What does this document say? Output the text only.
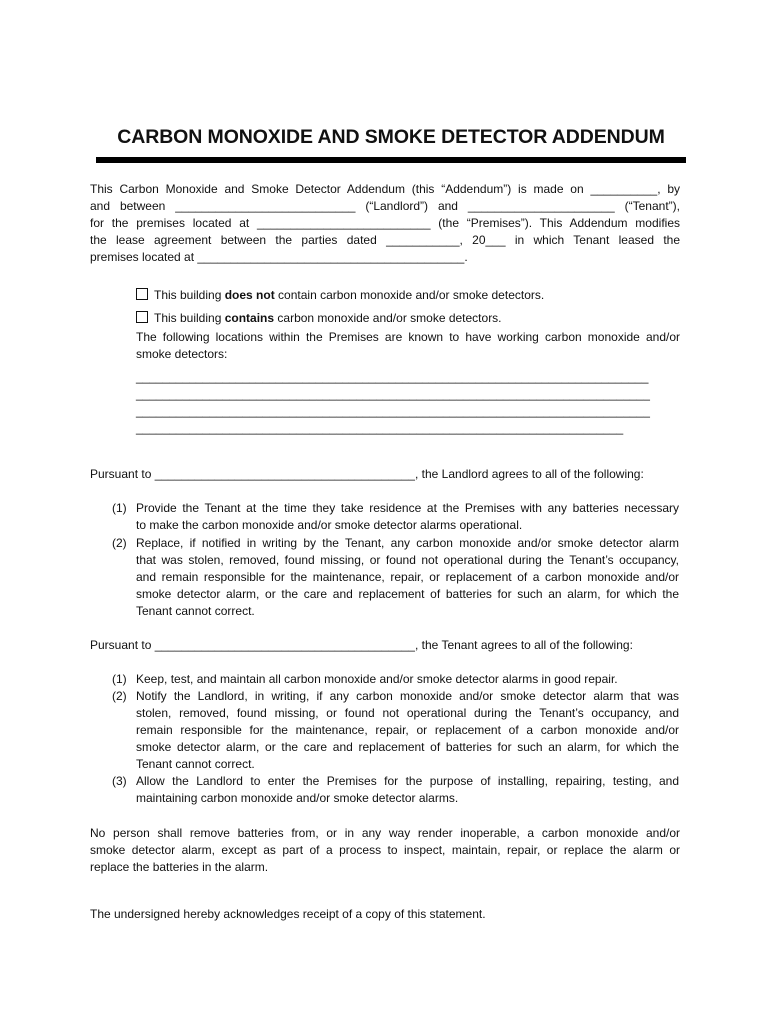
CARBON MONOXIDE AND SMOKE DETECTOR ADDENDUM
This Carbon Monoxide and Smoke Detector Addendum (this “Addendum”) is made on __________, by
and between ___________________________ (“Landlord”) and ______________________ (“Tenant”),
for the premises located at __________________________ (the “Premises”). This Addendum modifies
the lease agreement between the parties dated ___________, 20___ in which Tenant leased the
premises located at ________________________________________.
This building does not contain carbon monoxide and/or smoke detectors.
This building contains carbon monoxide and/or smoke detectors.
The following locations within the Premises are known to have working carbon monoxide and/or
smoke detectors:
_____________________________________________________________________________
_____________________________________________________________________________
_____________________________________________________________________________
_________________________________________________________________________
Pursuant to _______________________________________, the Landlord agrees to all of the following:
(1) Provide the Tenant at the time they take residence at the Premises with any batteries necessary
to make the carbon monoxide and/or smoke detector alarms operational.
(2) Replace, if notified in writing by the Tenant, any carbon monoxide and/or smoke detector alarm
that was stolen, removed, found missing, or found not operational during the Tenant’s occupancy,
and remain responsible for the maintenance, repair, or replacement of a carbon monoxide and/or
smoke detector alarm, or the care and replacement of batteries for such an alarm, for which the
Tenant cannot correct.
Pursuant to _______________________________________, the Tenant agrees to all of the following:
(1) Keep, test, and maintain all carbon monoxide and/or smoke detector alarms in good repair.
(2) Notify the Landlord, in writing, if any carbon monoxide and/or smoke detector alarm that was
stolen, removed, found missing, or found not operational during the Tenant’s occupancy, and
remain responsible for the maintenance, repair, or replacement of a carbon monoxide and/or
smoke detector alarm, or the care and replacement of batteries for such an alarm, for which the
Tenant cannot correct.
(3) Allow the Landlord to enter the Premises for the purpose of installing, repairing, testing, and
maintaining carbon monoxide and/or smoke detector alarms.
No person shall remove batteries from, or in any way render inoperable, a carbon monoxide and/or
smoke detector alarm, except as part of a process to inspect, maintain, repair, or replace the alarm or
replace the batteries in the alarm.
The undersigned hereby acknowledges receipt of a copy of this statement.
